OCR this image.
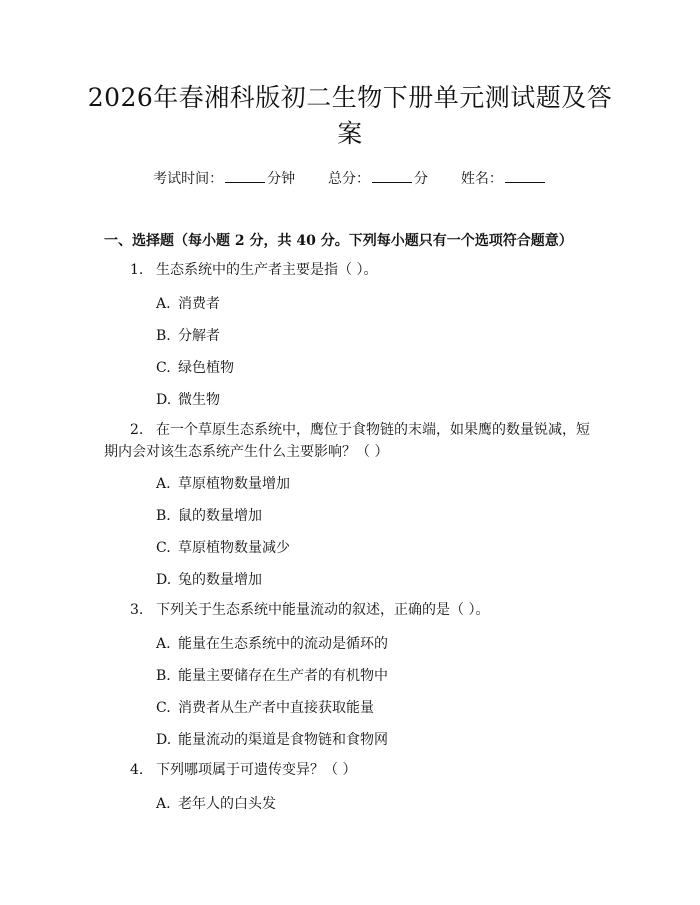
2026年春湘科版初二生物下册单元测试题及答案
考试时间：	分钟 总分：	分 姓名：
一、选择题（每小题 2 分，共 40 分。下列每小题只有一个选项符合题意）
1. 生态系统中的生产者主要是指（ ）。
A. 消费者
B. 分解者
C. 绿色植物
D. 微生物
2. 在一个草原生态系统中，鹰位于食物链的末端，如果鹰的数量锐减，短期内会对该生态系统产生什么主要影响？（ ）
A. 草原植物数量增加
B. 鼠的数量增加
C. 草原植物数量减少
D. 兔的数量增加
3. 下列关于生态系统中能量流动的叙述，正确的是（ ）。
A. 能量在生态系统中的流动是循环的
B. 能量主要储存在生产者的有机物中
C. 消费者从生产者中直接获取能量
D. 能量流动的渠道是食物链和食物网
4. 下列哪项属于可遗传变异？（ ）
A. 老年人的白头发
